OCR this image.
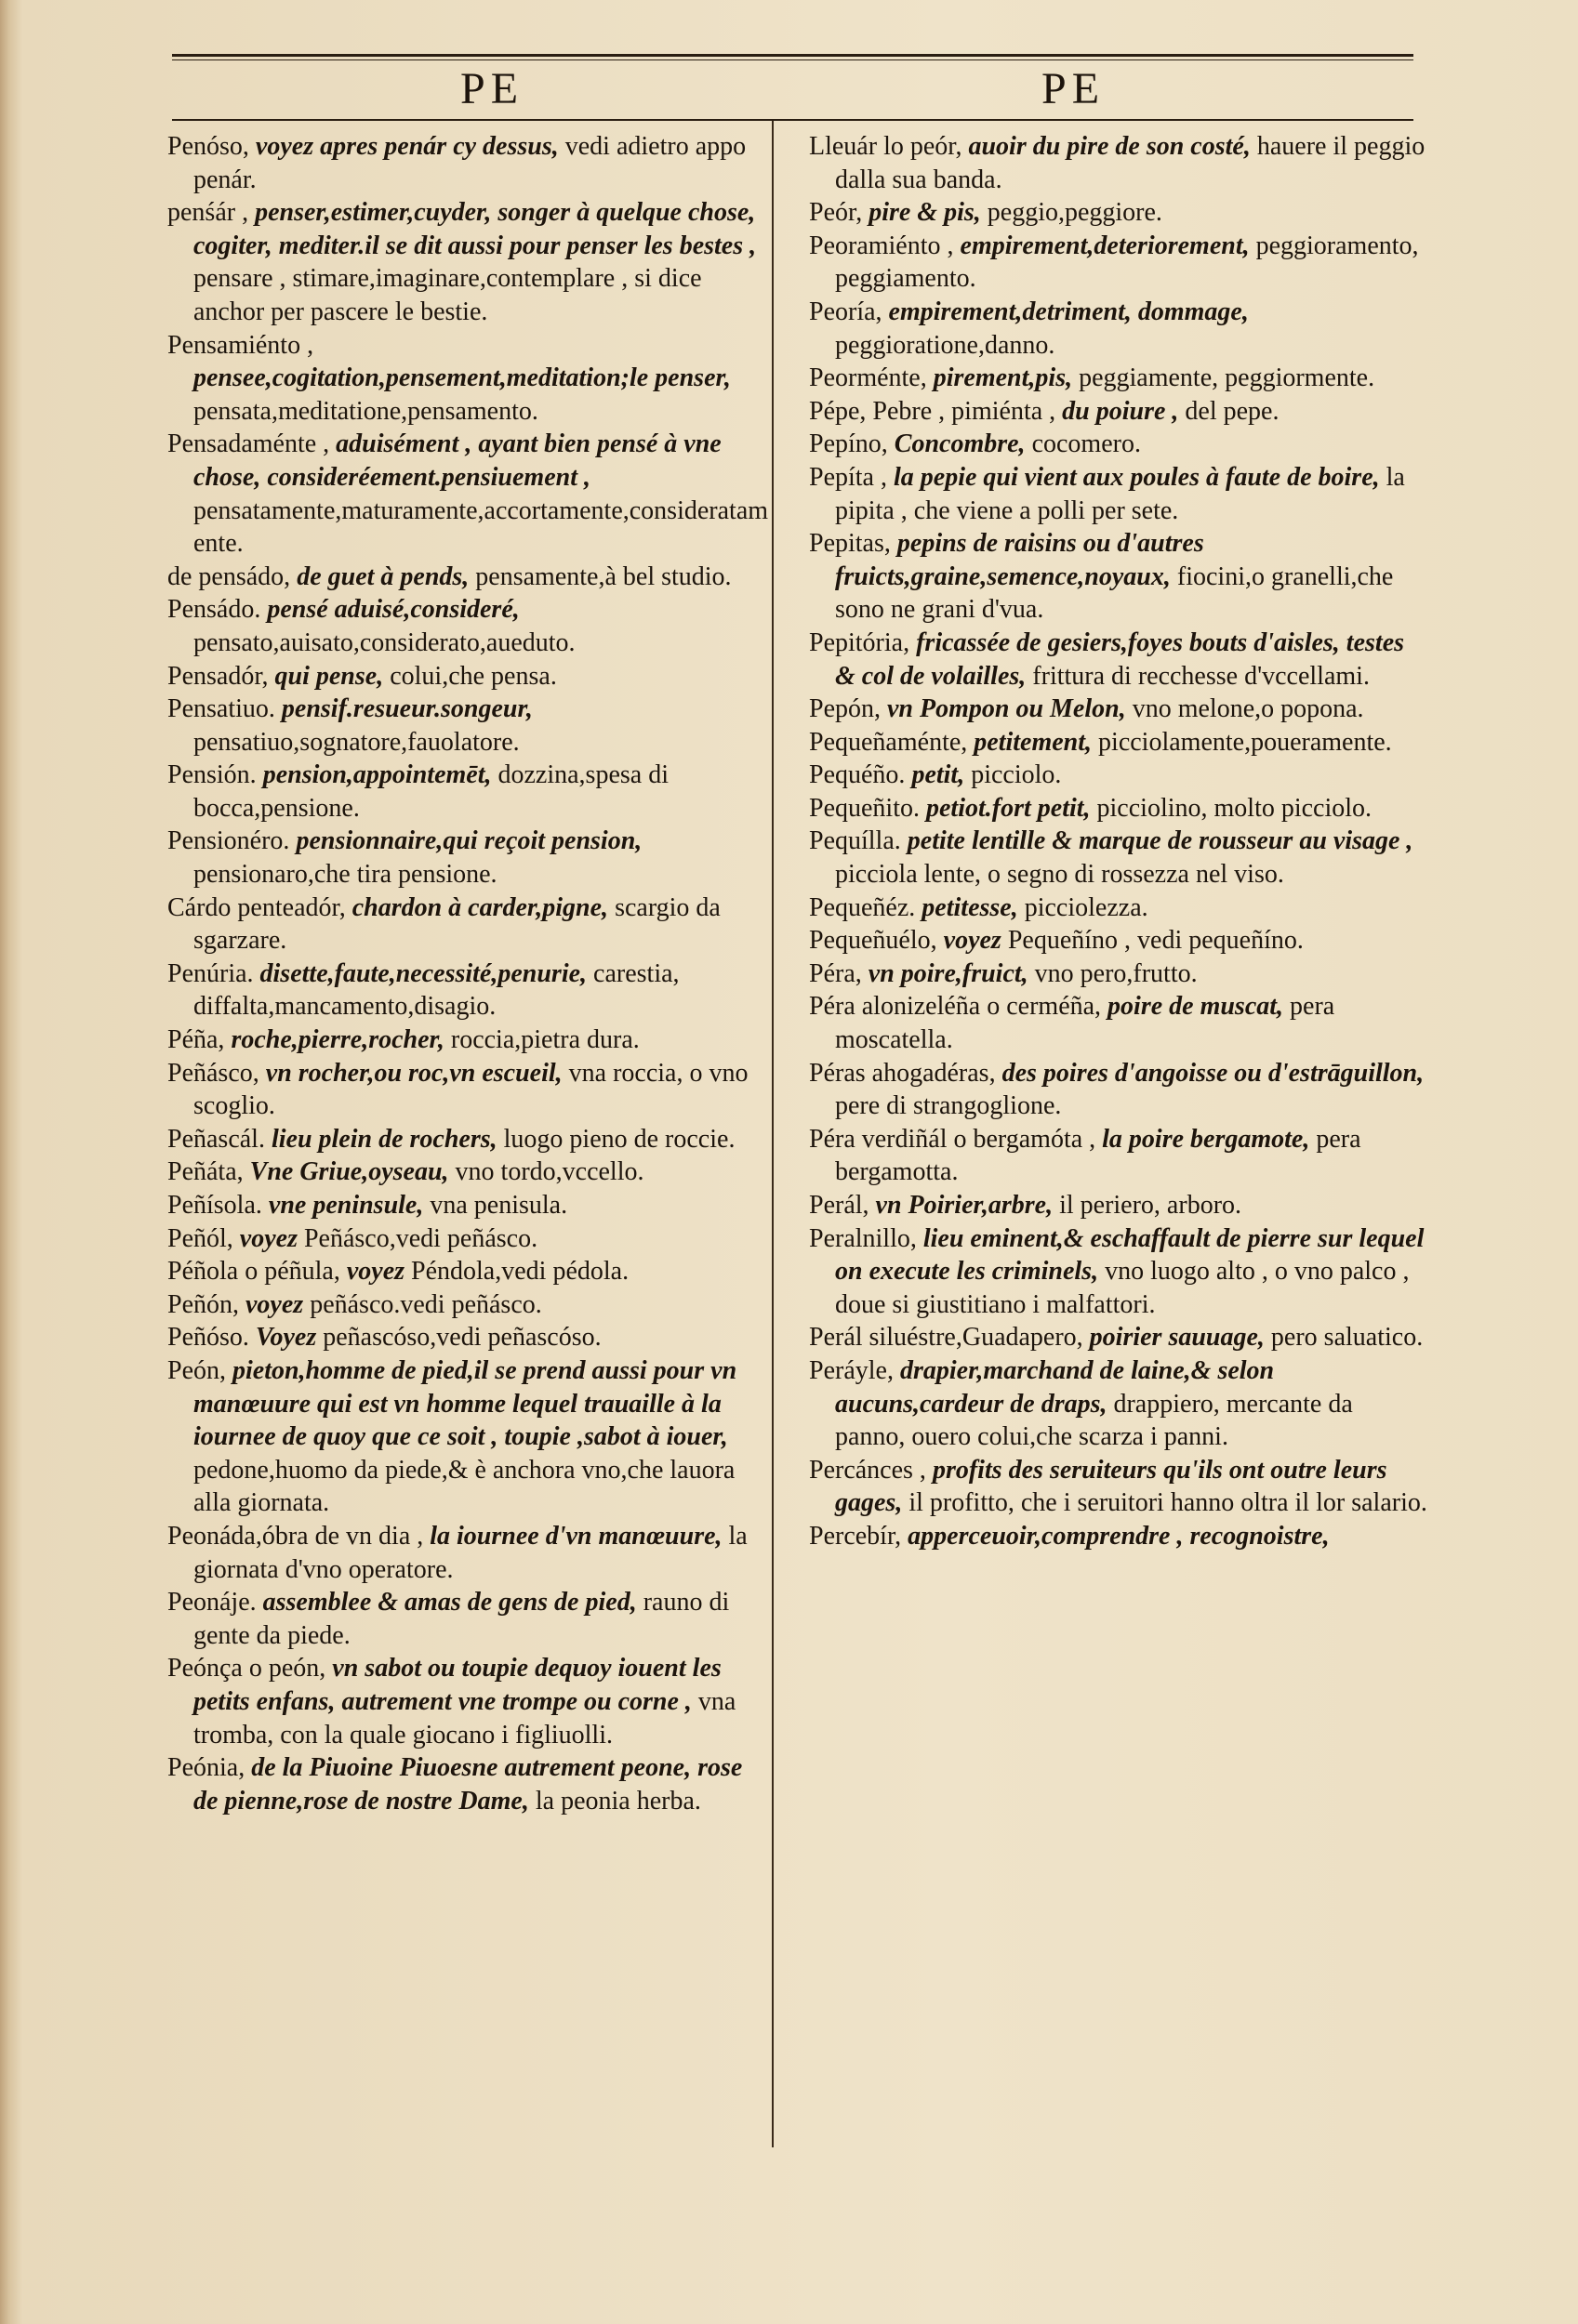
PE	PE

Penóso, voyez apres penár cy dessus, vedi adietro appo penár.

penśár , penser,estimer,cuyder, songer à quelque chose, cogiter, mediter.il se dit aussi pour penser les bestes , pensare , stimare,imaginare,contemplare , si dice anchor per pascere le bestie.

Pensamiénto , pensee,cogitation,pensement,meditation;le penser, pensata,meditatione,pensamento.

Pensadaménte , aduisément , ayant bien pensé à vne chose, consideréement.pensiuement , pensatamente,maturamente,accortamente,consideratamente.

de pensádo, de guet à pends, pensamente,à bel studio.

Pensádo. pensé aduisé,consideré, pensato,auisato,considerato,aueduto.

Pensadór, qui pense, colui,che pensa.

Pensatiuo. pensif.resueur.songeur, pensatiuo,sognatore,fauolatore.

Pensión. pension,appointemēt, dozzina,spesa di bocca,pensione.

Pensionéro. pensionnaire,qui reçoit pension, pensionaro,che tira pensione.

Cárdo penteadór, chardon à carder,pigne, scargio da sgarzare.

Penúria. disette,faute,necessité,penurie, carestia, diffalta,mancamento,disagio.

Péña, roche,pierre,rocher, roccia,pietra dura.

Peñásco, vn rocher,ou roc,vn escueil, vna roccia, o vno scoglio.

Peñascál. lieu plein de rochers, luogo pieno de roccie.

Peñáta, Vne Griue,oyseau, vno tordo,vccello.

Peñísola. vne peninsule, vna penisula.

Peñól, voyez Peñásco,vedi peñásco.

Péñola o péñula, voyez Péndola,vedi pédola.

Peñón, voyez peñásco.vedi peñásco.

Peñóso. Voyez peñascóso,vedi peñascóso.

Peón, pieton,homme de pied,il se prend aussi pour vn manœuure qui est vn homme lequel trauaille à la iournee de quoy que ce soit , toupie ,sabot à iouer, pedone,huomo da piede,& è anchora vno,che lauora alla giornata.

Peonáda,óbra de vn dia , la iournee d'vn manœuure, la giornata d'vno operatore.

Peonáje. assemblee & amas de gens de pied, rauno di gente da piede.

Peónça o peón, vn sabot ou toupie dequoy iouent les petits enfans, autrement vne trompe ou corne , vna tromba, con la quale giocano i figliuolli.

Peónia, de la Piuoine Piuoesne autrement peone, rose de pienne,rose de nostre Dame, la peonia herba.

Lleuár lo peór, auoir du pire de son costé, hauere il peggio dalla sua banda.

Peór, pire & pis, peggio,peggiore.

Peoramiénto , empirement,deteriorement, peggioramento, peggiamento.

Peoría, empirement,detriment, dommage, peggioratione,danno.

Peorménte, pirement,pis, peggiamente, peggiormente.

Pépe, Pebre , pimiénta , du poiure , del pepe.

Pepíno, Concombre, cocomero.

Pepíta , la pepie qui vient aux poules à faute de boire, la pipita , che viene a polli per sete.

Pepitas, pepins de raisins ou d'autres fruicts,graine,semence,noyaux, fiocini,o granelli,che sono ne grani d'vua.

Pepitória, fricassée de gesiers,foyes bouts d'aisles, testes & col de volailles, frittura di recchesse d'vccellami.

Pepón, vn Pompon ou Melon, vno melone,o popona.

Pequeñaménte, petitement, picciolamente,poueramente.

Pequéño. petit, picciolo.

Pequeñito. petiot.fort petit, picciolino, molto picciolo.

Pequílla. petite lentille & marque de rousseur au visage , picciola lente, o segno di rossezza nel viso.

Pequeñéz. petitesse, picciolezza.

Pequeñuélo, voyez Pequeñíno , vedi pequeñíno.

Péra, vn poire,fruict, vno pero,frutto.

Péra alonizeléña o cerméña, poire de muscat, pera moscatella.

Péras ahogadéras, des poires d'angoisse ou d'estrāguillon, pere di strangoglione.

Péra verdiñál o bergamóta , la poire bergamote, pera bergamotta.

Perál, vn Poirier,arbre, il periero, arboro.

Peralnillo, lieu eminent,& eschaffault de pierre sur lequel on execute les criminels, vno luogo alto , o vno palco , doue si giustitiano i malfattori.

Perál siluéstre,Guadapero, poirier sauuage, pero saluatico.

Peráyle, drapier,marchand de laine,& selon aucuns,cardeur de draps, drappiero, mercante da panno, ouero colui,che scarza i panni.

Percánces , profits des seruiteurs qu'ils ont outre leurs gages, il profitto, che i seruitori hanno oltra il lor salario.

Percebír, apperceuoir,comprendre , recognoistre,
